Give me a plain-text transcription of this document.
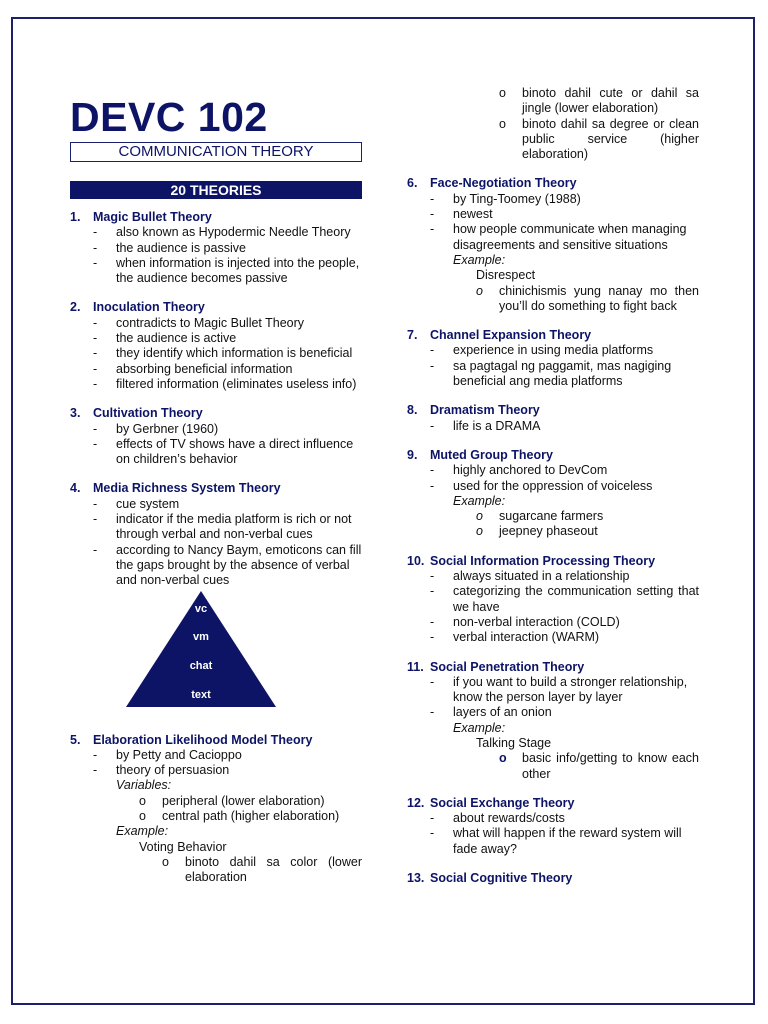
DEVC 102
COMMUNICATION THEORY
20 THEORIES
1.	Magic Bullet Theory
-	also known as Hypodermic Needle Theory
-	the audience is passive
-	when information is injected into the people, the audience becomes passive
2.	Inoculation Theory
-	contradicts to Magic Bullet Theory
-	the audience is active
-	they identify which information is beneficial
-	absorbing beneficial information
-	filtered information (eliminates useless info)
3.	Cultivation Theory
-	by Gerbner (1960)
-	effects of TV shows have a direct influence on children’s behavior
4.	Media Richness System Theory
-	cue system
-	indicator if the media platform is rich or not through verbal and non-verbal cues
-	according to Nancy Baym, emoticons can fill the gaps brought by the absence of verbal and non-verbal cues
vc
vm
chat
text
5.	Elaboration Likelihood Model Theory
-	by Petty and Cacioppo
-	theory of persuasion
Variables:
o	peripheral (lower elaboration)
o	central path (higher elaboration)
Example:
Voting Behavior
o	binoto dahil sa color (lower elaboration
o	binoto dahil cute or dahil sa jingle (lower elaboration)
o	binoto dahil sa degree or clean public service (higher elaboration)
6.	Face-Negotiation Theory
-	by Ting-Toomey (1988)
-	newest
-	how people communicate when managing disagreements and sensitive situations
Example:
Disrespect
o	chinichismis yung nanay mo then you’ll do something to fight back
7.	Channel Expansion Theory
-	experience in using media platforms
-	sa pagtagal ng paggamit, mas nagiging beneficial ang media platforms
8.	Dramatism Theory
-	life is a DRAMA
9.	Muted Group Theory
-	highly anchored to DevCom
-	used for the oppression of voiceless
Example:
o	sugarcane farmers
o	jeepney phaseout
10. Social Information Processing Theory
-	always situated in a relationship
-	categorizing the communication setting that we have
-	non-verbal interaction (COLD)
-	verbal interaction (WARM)
11. Social Penetration Theory
-	if you want to build a stronger relationship, know the person layer by layer
-	layers of an onion
Example:
Talking Stage
o	basic info/getting to know each other
12. Social Exchange Theory
-	about rewards/costs
-	what will happen if the reward system will fade away?
13. Social Cognitive Theory
